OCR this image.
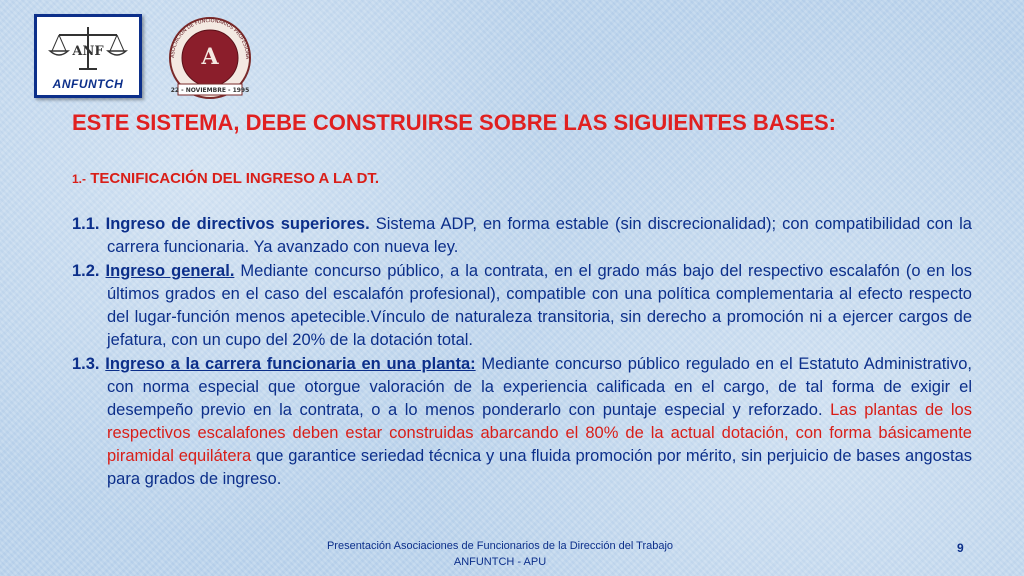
ANF
ANFUNTCH
ASOCIACION DE FUNCIONARIOS PROFESIONA
A
22 - NOVIEMBRE - 1995
ESTE SISTEMA, DEBE CONSTRUIRSE SOBRE LAS SIGUIENTES BASES:
1.- TECNIFICACIÓN DEL INGRESO A LA DT.

1.1. Ingreso de directivos superiores. Sistema ADP, en forma estable (sin discrecionalidad); con compatibilidad con la carrera funcionaria. Ya avanzado con nueva ley.

1.2. Ingreso general. Mediante concurso público, a la contrata, en el grado más bajo del respectivo escalafón (o en los últimos grados en el caso del escalafón profesional), compatible con una política complementaria al efecto respecto del lugar-función menos apetecible.Vínculo de naturaleza transitoria, sin derecho a promoción ni a ejercer cargos de jefatura, con un cupo del 20% de la dotación total.

1.3. Ingreso a la carrera funcionaria en una planta: Mediante concurso público regulado en el Estatuto Administrativo, con norma especial que otorgue valoración de la experiencia calificada en el cargo, de tal forma de exigir el desempeño previo en la contrata, o a lo menos ponderarlo con puntaje especial y reforzado. Las plantas de los respectivos escalafones deben estar construidas abarcando el 80% de la actual dotación, con forma básicamente piramidal equilátera que garantice seriedad técnica y una fluida promoción por mérito, sin perjuicio de bases angostas para grados de ingreso.

Presentación Asociaciones de Funcionarios de la Dirección del Trabajo
ANFUNTCH - APU
9
